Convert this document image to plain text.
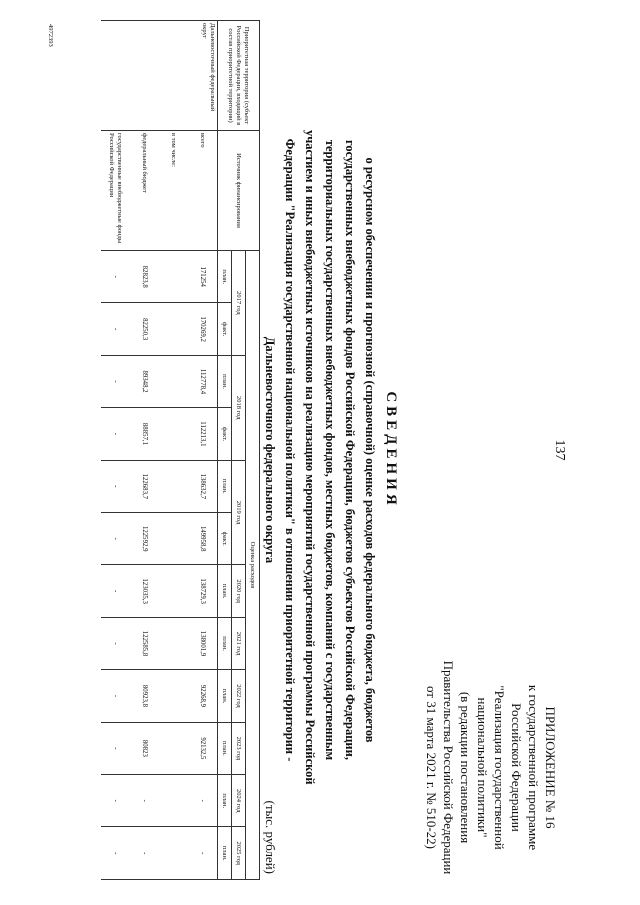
137
ПРИЛОЖЕНИЕ № 16
к государственной программе
Российской Федерации
"Реализация государственной
национальной политики"
(в редакции постановления
Правительства Российской Федерации
от 31 марта 2021 г. № 510-22)
СВЕДЕНИЯ
о ресурсном обеспечении и прогнозной (справочной) оценке расходов федерального бюджета, бюджетов
государственных внебюджетных фондов Российской Федерации, бюджетов субъектов Российской Федерации,
территориальных государственных внебюджетных фондов, местных бюджетов, компаний с государственным
участием и иных внебюджетных источников на реализацию мероприятий государственной программы Российской
Федерации "Реализация государственной национальной политики" в отношении приоритетной территории -
Дальневосточного федерального округа
(тыс. рублей)
Приоритетная территория (субъект Российской Федерации, входящий в состав приоритетной территории)	Источник финансирования	Оценка расходов											
		2017 год		2018 год		2019 год		2020 год	2021 год	2022 год	2023 год	2024 год	2025 год
		план.	факт.	план.	факт.	план.	факт.	план.	план.	план.	план.	план.	план.
Дальневосточный федеральный округ	всего	171254	170269,2	112778,4	112213,1	138632,7	149958,8	138729,3	138001,9	92268,9	92132,5	-	-
	в том числе:												
	федеральный бюджет	82823,8	82250,3	89348,2	88857,1	122683,7	122592,9	123035,3	122585,8	80923,8	80823	-	-
	государственные внебюджетные фонды Российской Федерации	-	-	-	-	-	-	-	-	-	-	-	-
4972393
